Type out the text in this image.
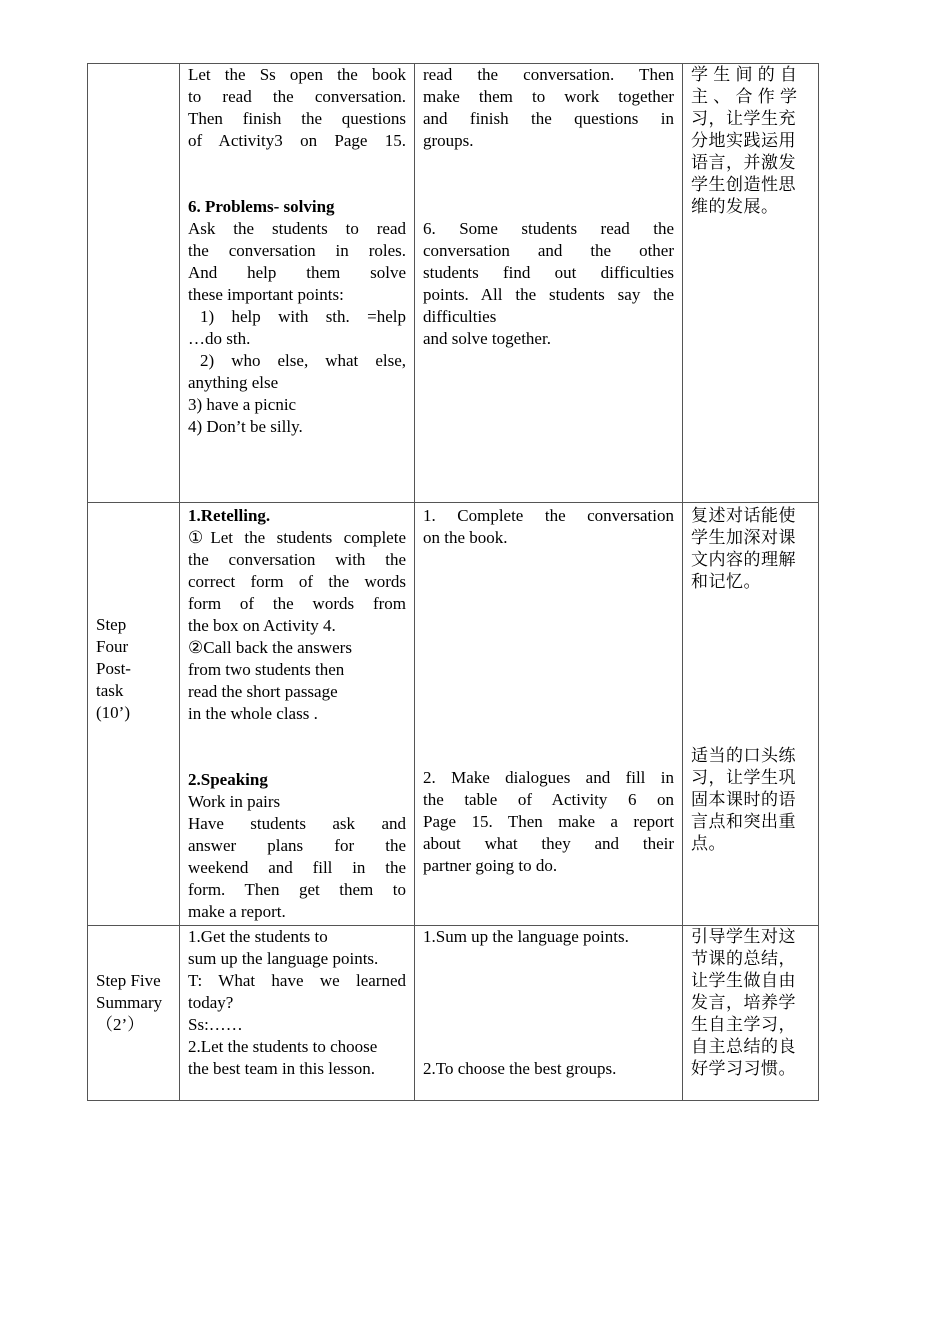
Let the Ss open the book
to read the conversation.
Then finish the questions
of Activity3 on Page 15.
6. Problems- solving
Ask the students to read
the conversation in roles.
And help them solve
these important points:
1) help with sth. =help
…do sth.
2) who else, what else,
anything else
3) have a picnic
4) Don’t be silly.
read the conversation. Then
make them to work together
and finish the questions in
groups.
6. Some students read the
conversation and the other
students find out difficulties
points. All the students say the
difficulties
and solve together.
学 生 间 的 自
主 、 合 作 学
习，让学生充
分地实践运用
语言，并激发
学生创造性思
维的发展。
Step
Four
Post-
task
(10’)
1.Retelling.
①Let the students complete
the conversation with the
correct form of the words
form of the words from
the box on Activity 4.
②Call back the answers
from two students then
read the short passage
in the whole class .
2.Speaking
Work in pairs
Have students ask and
answer plans for the
weekend and fill in the
form. Then get them to
make a report.
1. Complete the conversation
on the book.
2. Make dialogues and fill in
the table of Activity 6 on
Page 15. Then make a report
about what they and their
partner going to do.
复述对话能使
学生加深对课
文内容的理解
和记忆。
适当的口头练
习，让学生巩
固本课时的语
言点和突出重
点。
Step Five
Summary
（2’）
1.Get the students to
sum up the language points.
T: What have we learned
today?
Ss:……
2.Let the students to choose
the best team in this lesson.
1.Sum up the language points.
2.To choose the best groups.
引导学生对这
节课的总结，
让学生做自由
发言，培养学
生自主学习，
自主总结的良
好学习习惯。
